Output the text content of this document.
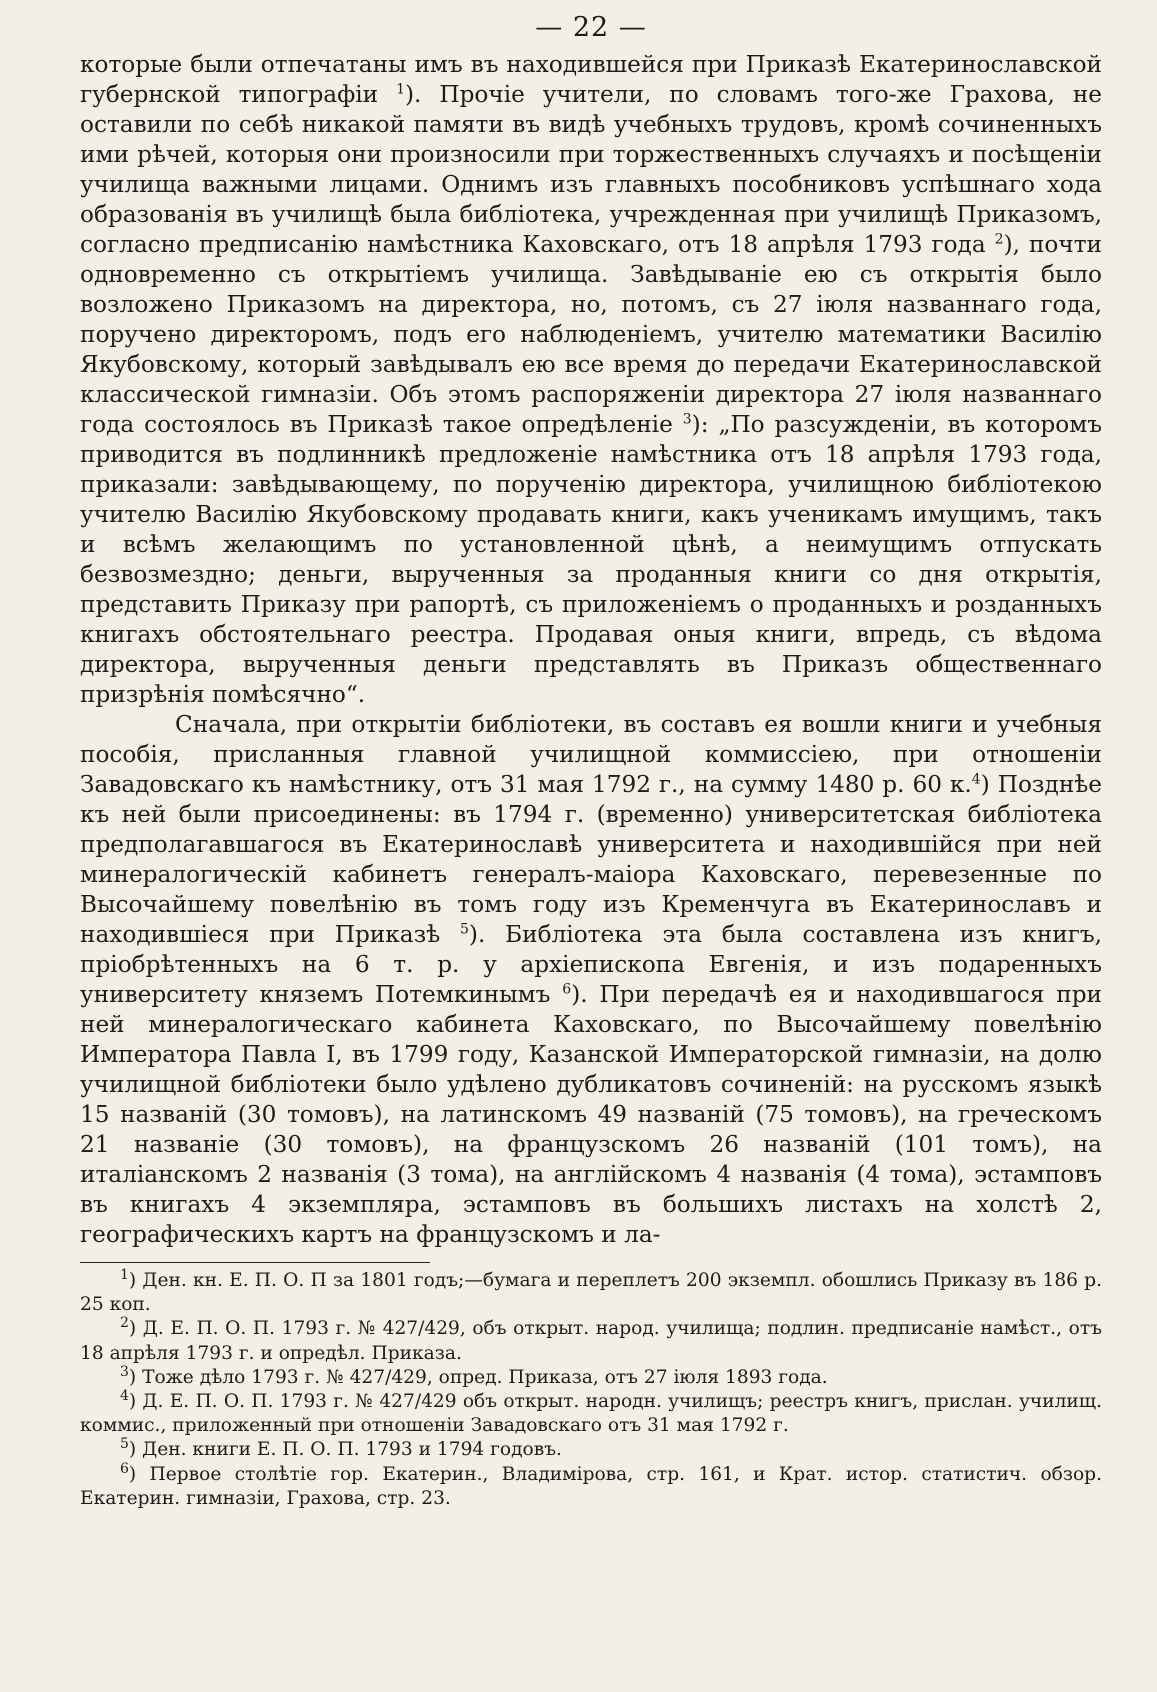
— 22 —

которые были отпечатаны имъ въ находившейся при Приказѣ Екатеринославской губернской типографіи $^1$). Прочіе учители, по словамъ того-же Грахова, не оставили по себѣ никакой памяти въ видѣ учебныхъ трудовъ, кромѣ сочиненныхъ ими рѣчей, которыя они произносили при торжественныхъ случаяхъ и посѣщеніи училища важными лицами. Однимъ изъ главныхъ пособниковъ успѣшнаго хода образованія въ училищѣ была библіотека, учрежденная при училищѣ Приказомъ, согласно предписанію намѣстника Каховскаго, отъ 18 апрѣля 1793 года $^2$), почти одновременно съ открытіемъ училища. Завѣдываніе ею съ открытія было возложено Приказомъ на директора, но, потомъ, съ 27 іюля названнаго года, поручено директоромъ, подъ его наблюденіемъ, учителю математики Василію Якубовскому, который завѣдывалъ ею все время до передачи Екатеринославской классической гимназіи. Объ этомъ распоряженіи директора 27 іюля названнаго года состоялось въ Приказѣ такое опредѣленіе $^3$): „По разсужденіи, въ которомъ приводится въ подлинникѣ предложеніе намѣстника отъ 18 апрѣля 1793 года, приказали: завѣдывающему, по порученію директора, училищною библіотекою учителю Василію Якубовскому продавать книги, какъ ученикамъ имущимъ, такъ и всѣмъ желающимъ по установленной цѣнѣ, а неимущимъ отпускать безвозмездно; деньги, вырученныя за проданныя книги со дня открытія, представить Приказу при рапортѣ, съ приложеніемъ о проданныхъ и розданныхъ книгахъ обстоятельнаго реестра. Продавая оныя книги, впредь, съ вѣдома директора, вырученныя деньги представлять въ Приказъ общественнаго призрѣнія помѣсячно“.

Сначала, при открытіи библіотеки, въ составъ ея вошли книги и учебныя пособія, присланныя главной училищной коммиссіею, при отношеніи Завадовскаго къ намѣстнику, отъ 31 мая 1792 г., на сумму 1480 р. 60 к.$^4$) Позднѣе къ ней были присоединены: въ 1794 г. (временно) университетская библіотека предполагавшагося въ Екатеринославѣ университета и находившійся при ней минералогическій кабинетъ генералъ-маіора Каховскаго, перевезенные по Высочайшему повелѣнію въ томъ году изъ Кременчуга въ Екатеринославъ и находившіеся при Приказѣ $^5$). Библіотека эта была составлена изъ книгъ, пріобрѣтенныхъ на 6 т. р. у архіепископа Евгенія, и изъ подаренныхъ университету княземъ Потемкинымъ $^6$). При передачѣ ея и находившагося при ней минералогическаго кабинета Каховскаго, по Высочайшему повелѣнію Императора Павла I, въ 1799 году, Казанской Императорской гимназіи, на долю училищной библіотеки было удѣлено дубликатовъ сочиненій: на русскомъ языкѣ 15 названій (30 томовъ), на латинскомъ 49 названій (75 томовъ), на греческомъ 21 названіе (30 томовъ), на французскомъ 26 названій (101 томъ), на италіанскомъ 2 названія (3 тома), на англійскомъ 4 названія (4 тома), эстамповъ въ книгахъ 4 экземпляра, эстамповъ въ большихъ листахъ на холстѣ 2, географическихъ картъ на французскомъ и ла-

$^1$) Ден. кн. Е. П. О. П за 1801 годъ;—бумага и переплетъ 200 экземпл. обошлись Приказу въ 186 р. 25 коп.

$^2$) Д. Е. П. О. П. 1793 г. № 427/429, объ открыт. народ. училища; подлин. предписаніе намѣст., отъ 18 апрѣля 1793 г. и опредѣл. Приказа.

$^3$) Тоже дѣло 1793 г. № 427/429, опред. Приказа, отъ 27 іюля 1893 года.

$^4$) Д. Е. П. О. П. 1793 г. № 427/429 объ открыт. народн. училищъ; реестръ книгъ, прислан. училищ. коммис., приложенный при отношеніи Завадовскаго отъ 31 мая 1792 г.

$^5$) Ден. книги Е. П. О. П. 1793 и 1794 годовъ.

$^6$) Первое столѣтіе гор. Екатерин., Владимірова, стр. 161, и Крат. истор. статистич. обзор. Екатерин. гимназіи, Грахова, стр. 23.
